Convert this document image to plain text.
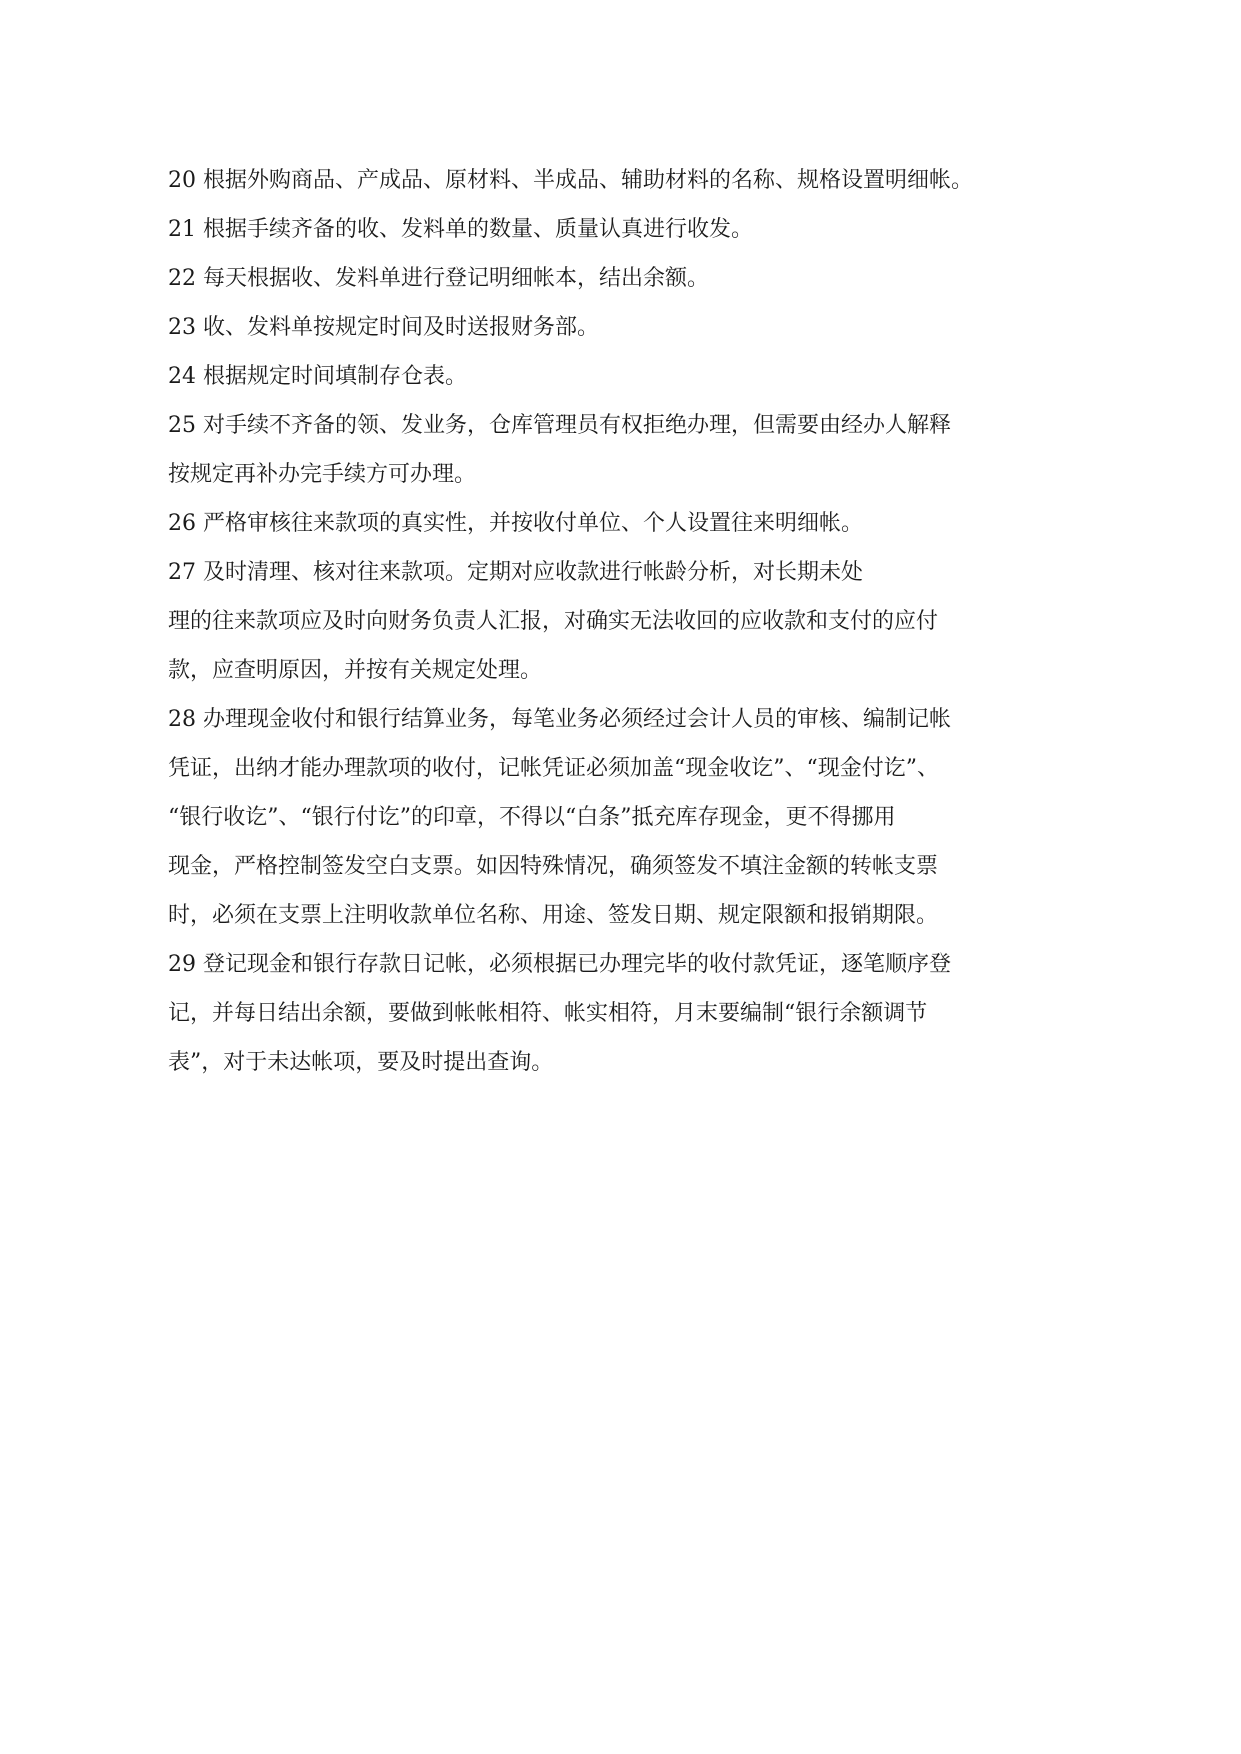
20 根据外购商品、产成品、原材料、半成品、辅助材料的名称、规格设置明细帐。
21 根据手续齐备的收、发料单的数量、质量认真进行收发。
22 每天根据收、发料单进行登记明细帐本，结出余额。
23 收、发料单按规定时间及时送报财务部。
24 根据规定时间填制存仓表。
25 对手续不齐备的领、发业务，仓库管理员有权拒绝办理，但需要由经办人解释
按规定再补办完手续方可办理。
26 严格审核往来款项的真实性，并按收付单位、个人设置往来明细帐。
27 及时清理、核对往来款项。定期对应收款进行帐龄分析，对长期未处
理的往来款项应及时向财务负责人汇报，对确实无法收回的应收款和支付的应付
款，应查明原因，并按有关规定处理。
28 办理现金收付和银行结算业务，每笔业务必须经过会计人员的审核、编制记帐
凭证，出纳才能办理款项的收付，记帐凭证必须加盖“现金收讫”、“现金付讫”、
“银行收讫”、“银行付讫”的印章，不得以“白条”抵充库存现金，更不得挪用
现金，严格控制签发空白支票。如因特殊情况，确须签发不填注金额的转帐支票
时，必须在支票上注明收款单位名称、用途、签发日期、规定限额和报销期限。
29 登记现金和银行存款日记帐，必须根据已办理完毕的收付款凭证，逐笔顺序登
记，并每日结出余额，要做到帐帐相符、帐实相符，月末要编制“银行余额调节
表”，对于未达帐项，要及时提出查询。
